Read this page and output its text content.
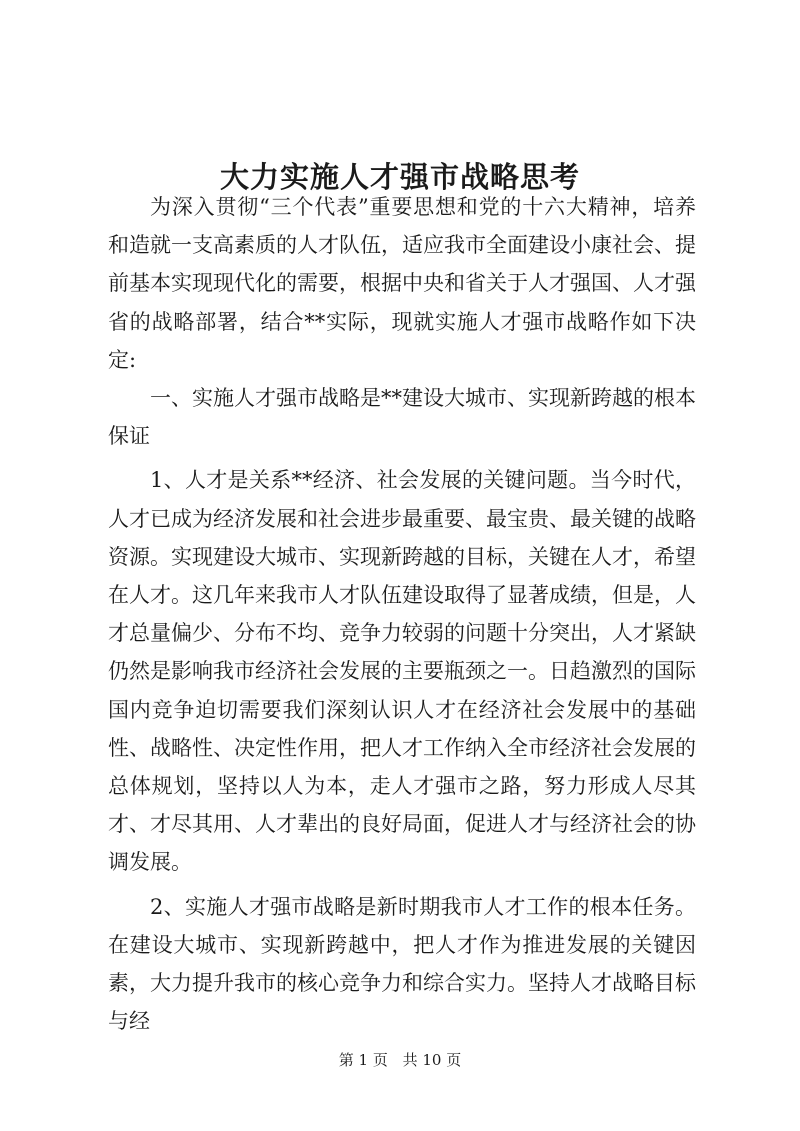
大力实施人才强市战略思考

为深入贯彻“三个代表”重要思想和党的十六大精神，培养和造就一支高素质的人才队伍，适应我市全面建设小康社会、提前基本实现现代化的需要，根据中央和省关于人才强国、人才强省的战略部署，结合**实际，现就实施人才强市战略作如下决定:

一、实施人才强市战略是**建设大城市、实现新跨越的根本保证

1、人才是关系**经济、社会发展的关键问题。当今时代，人才已成为经济发展和社会进步最重要、最宝贵、最关键的战略资源。实现建设大城市、实现新跨越的目标，关键在人才，希望在人才。这几年来我市人才队伍建设取得了显著成绩，但是，人才总量偏少、分布不均、竞争力较弱的问题十分突出，人才紧缺仍然是影响我市经济社会发展的主要瓶颈之一。日趋激烈的国际国内竞争迫切需要我们深刻认识人才在经济社会发展中的基础性、战略性、决定性作用，把人才工作纳入全市经济社会发展的总体规划，坚持以人为本，走人才强市之路，努力形成人尽其才、才尽其用、人才辈出的良好局面，促进人才与经济社会的协调发展。

2、实施人才强市战略是新时期我市人才工作的根本任务。在建设大城市、实现新跨越中，把人才作为推进发展的关键因素，大力提升我市的核心竞争力和综合实力。坚持人才战略目标与经

第 1 页 共 10 页
